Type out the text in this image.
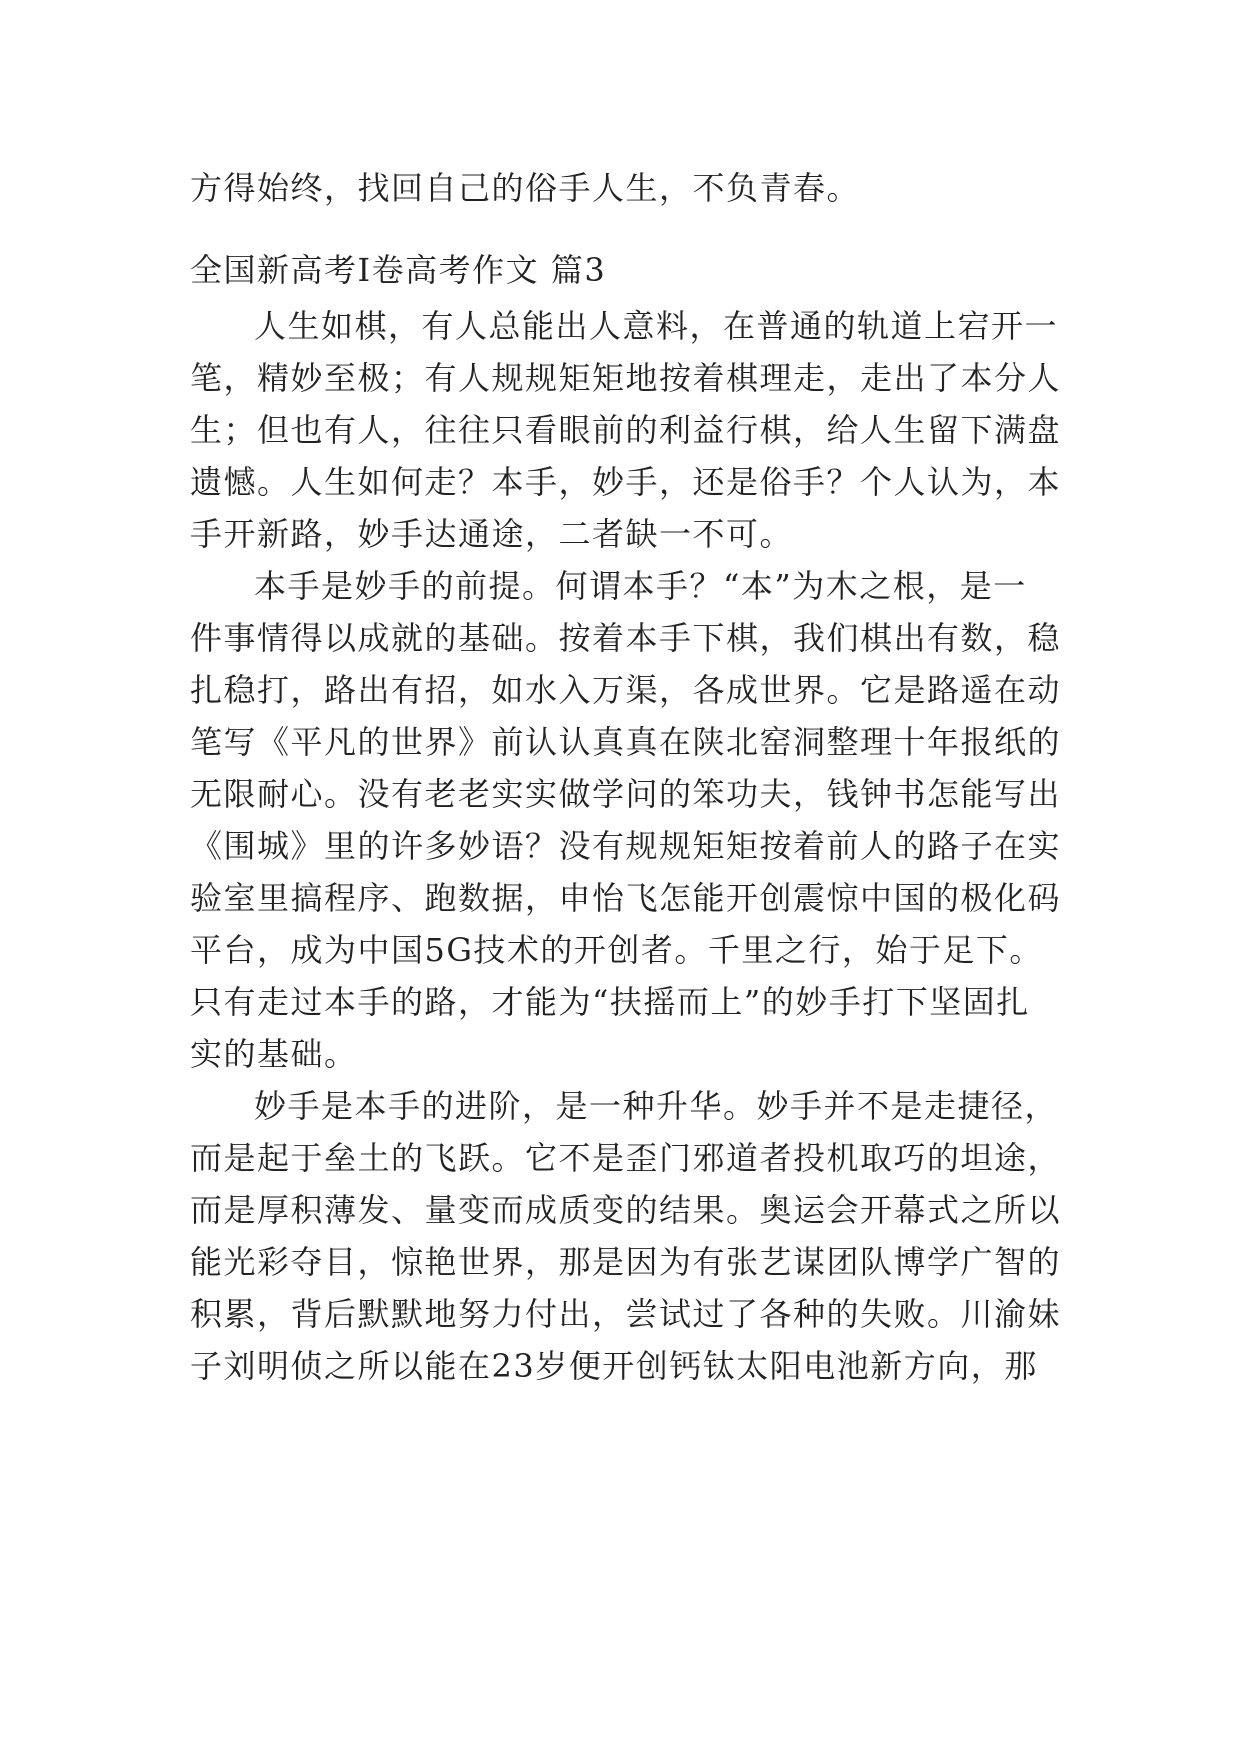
方得始终，找回自己的俗手人生，不负青春。
全国新高考Ⅰ卷高考作文 篇3
人生如棋，有人总能出人意料，在普通的轨道上宕开一
笔，精妙至极；有人规规矩矩地按着棋理走，走出了本分人
生；但也有人，往往只看眼前的利益行棋，给人生留下满盘
遗憾。人生如何走？本手，妙手，还是俗手？个人认为，本
手开新路，妙手达通途，二者缺一不可。
本手是妙手的前提。何谓本手？“本”为木之根，是一
件事情得以成就的基础。按着本手下棋，我们棋出有数，稳
扎稳打，路出有招，如水入万渠，各成世界。它是路遥在动
笔写《平凡的世界》前认认真真在陕北窑洞整理十年报纸的
无限耐心。没有老老实实做学问的笨功夫，钱钟书怎能写出
《围城》里的许多妙语？没有规规矩矩按着前人的路子在实
验室里搞程序、跑数据，申怡飞怎能开创震惊中国的极化码
平台，成为中国5G技术的开创者。千里之行，始于足下。
只有走过本手的路，才能为“扶摇而上”的妙手打下坚固扎
实的基础。
妙手是本手的进阶，是一种升华。妙手并不是走捷径，
而是起于垒土的飞跃。它不是歪门邪道者投机取巧的坦途，
而是厚积薄发、量变而成质变的结果。奥运会开幕式之所以
能光彩夺目，惊艳世界，那是因为有张艺谋团队博学广智的
积累，背后默默地努力付出，尝试过了各种的失败。川渝妹
子刘明侦之所以能在23岁便开创钙钛太阳电池新方向，那
